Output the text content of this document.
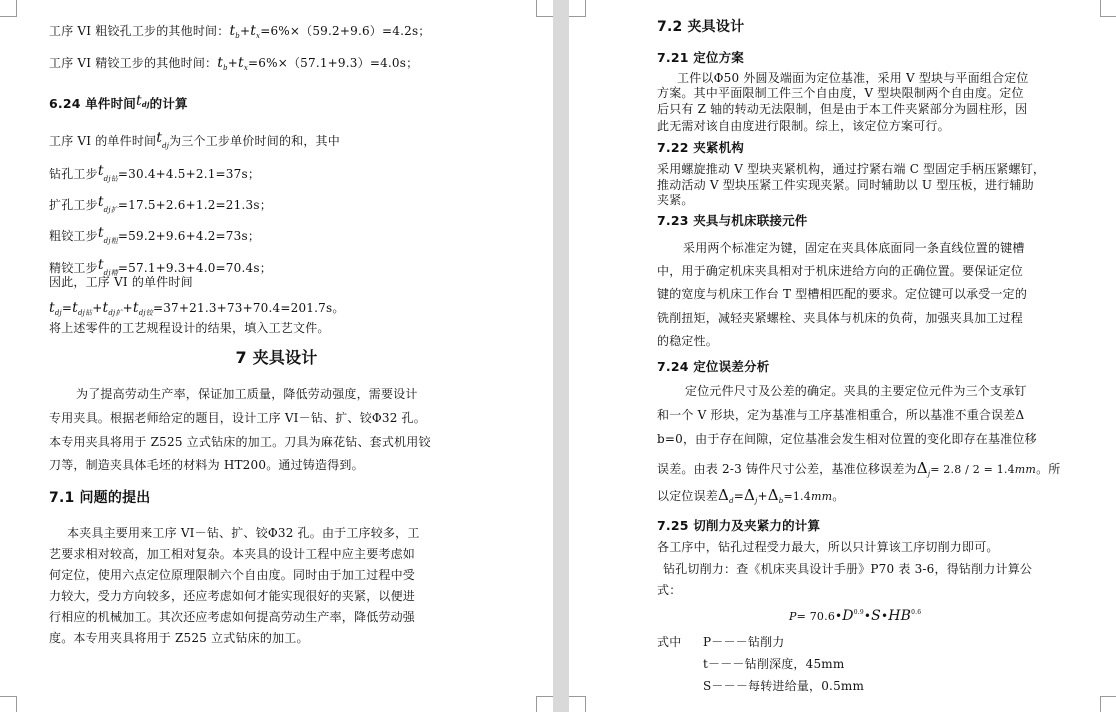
工序 VI 粗铰孔工步的其他时间：$t_b+t_x=6\%\times(59.2+9.6)=4.2s$；
工序 VI 精铰工步的其他时间：$t_b+t_x=6\%\times(57.1+9.3)=4.0s$；
6.24 单件时间tdj的计算
工序 VI 的单件时间$t_{dj}$为三个工步单价时间的和，其中
钻孔工步$t_{dj钻}=30.4+4.5+2.1=37s$；
扩孔工步$t_{dj扩}=17.5+2.6+1.2=21.3s$；
粗铰工步$t_{dj粗}=59.2+9.6+4.2=73s$；
精铰工步$t_{dj精}=57.1+9.3+4.0=70.4s$；
因此，工序 VI 的单件时间
$t_{dj}=t_{dj钻}+t_{dj扩}+t_{dj铰}=37+21.3+73+70.4=201.7s$。
将上述零件的工艺规程设计的结果，填入工艺文件。
7 夹具设计
为了提高劳动生产率，保证加工质量，降低劳动强度，需要设计
专用夹具。根据老师给定的题目，设计工序 VI－钻、扩、铰Φ32 孔。
本专用夹具将用于 Z525 立式钻床的加工。刀具为麻花钻、套式机用铰
刀等，制造夹具体毛坯的材料为 HT200。通过铸造得到。
7.1 问题的提出
本夹具主要用来工序 VI－钻、扩、铰Φ32 孔。由于工序较多，工
艺要求相对较高，加工相对复杂。本夹具的设计工程中应主要考虑如
何定位，使用六点定位原理限制六个自由度。同时由于加工过程中受
力较大，受力方向较多，还应考虑如何才能实现很好的夹紧，以便进
行相应的机械加工。其次还应考虑如何提高劳动生产率，降低劳动强
度。本专用夹具将用于 Z525 立式钻床的加工。
7.2 夹具设计
7.21 定位方案
工件以Φ50 外圆及端面为定位基准，采用 V 型块与平面组合定位
方案。其中平面限制工件三个自由度，V 型块限制两个自由度。定位
后只有 Z 轴的转动无法限制，但是由于本工件夹紧部分为圆柱形，因
此无需对该自由度进行限制。综上，该定位方案可行。
7.22 夹紧机构
采用螺旋推动 V 型块夹紧机构，通过拧紧右端 C 型固定手柄压紧螺钉，
推动活动 V 型块压紧工件实现夹紧。同时辅助以 U 型压板，进行辅助
夹紧。
7.23 夹具与机床联接元件
采用两个标准定为键，固定在夹具体底面同一条直线位置的键槽
中，用于确定机床夹具相对于机床进给方向的正确位置。要保证定位
键的宽度与机床工作台 T 型槽相匹配的要求。定位键可以承受一定的
铣削扭矩，减轻夹紧螺栓、夹具体与机床的负荷，加强夹具加工过程
的稳定性。
7.24 定位误差分析
定位元件尺寸及公差的确定。夹具的主要定位元件为三个支承钉
和一个 V 形块，定为基准与工序基准相重合，所以基准不重合误差Δ
b=0，由于存在间隙，定位基准会发生相对位置的变化即存在基准位移
误差。由表 2-3 铸件尺寸公差，基准位移误差为$\Delta_j= 2.8 / 2 = 1.4mm$。所
以定位误差$\Delta_d=\Delta_j+\Delta_b=1.4mm$。
7.25 切削力及夹紧力的计算
各工序中，钻孔过程受力最大，所以只计算该工序切削力即可。
钻孔切削力：查《机床夹具设计手册》P70 表 3-6，得钻削力计算公
式：
$P= 70.6•D^{0.9}•S•HB^{0.6}$
式中 P－－－钻削力
t－－－钻削深度，45mm
S－－－每转进给量，0.5mm
